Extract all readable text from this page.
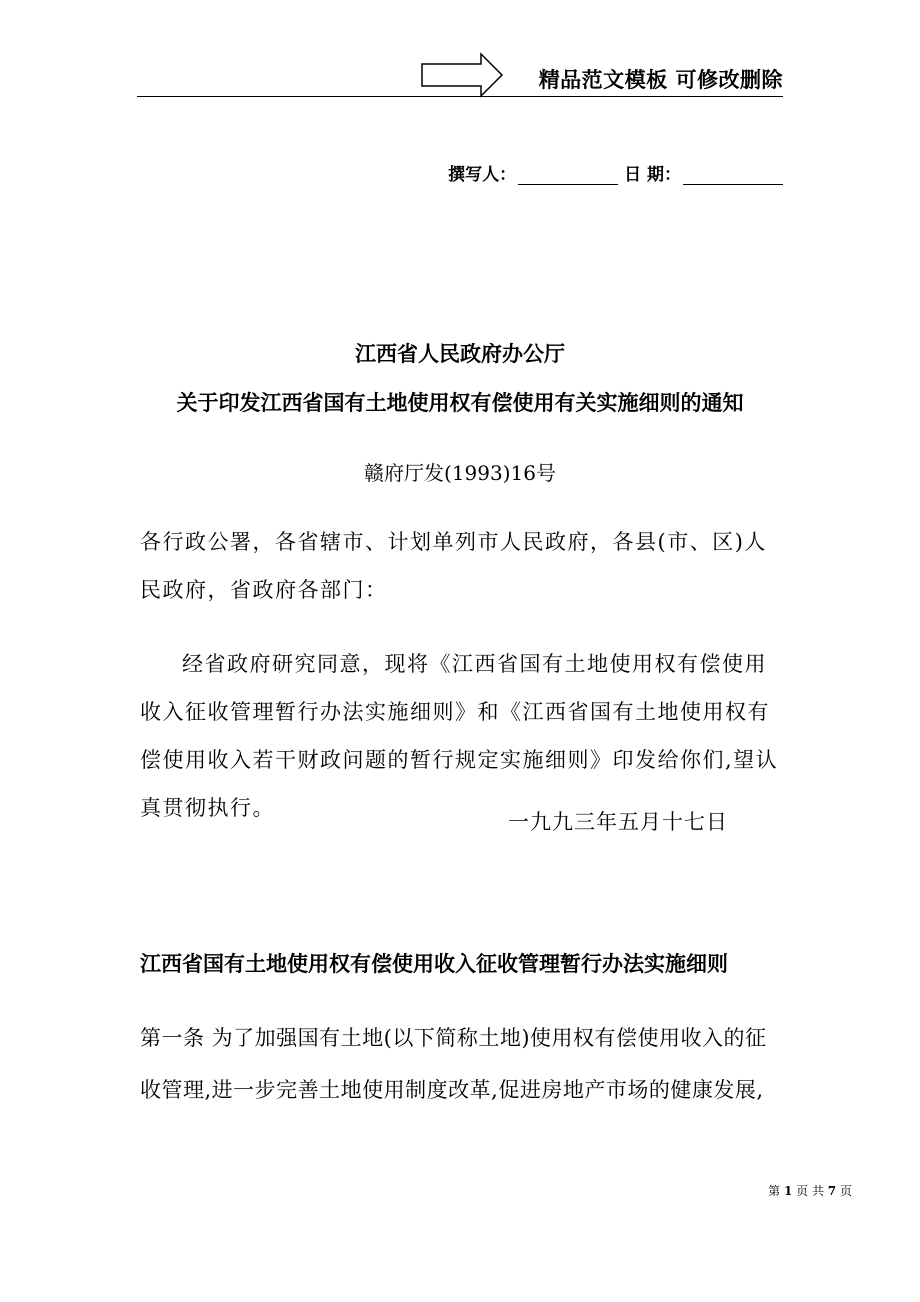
精品范文模板 可修改删除
撰写人：	日 期：
江西省人民政府办公厅
关于印发江西省国有土地使用权有偿使用有关实施细则的通知
赣府厅发(1993)16号
各行政公署，各省辖市、计划单列市人民政府，各县(市、区)人民政府，省政府各部门：
经省政府研究同意，现将《江西省国有土地使用权有偿使用收入征收管理暂行办法实施细则》和《江西省国有土地使用权有偿使用收入若干财政问题的暂行规定实施细则》印发给你们,望认真贯彻执行。
一九九三年五月十七日
江西省国有土地使用权有偿使用收入征收管理暂行办法实施细则
第一条 为了加强国有土地(以下简称土地)使用权有偿使用收入的征收管理,进一步完善土地使用制度改革,促进房地产市场的健康发展,
第 1 页 共 7 页
